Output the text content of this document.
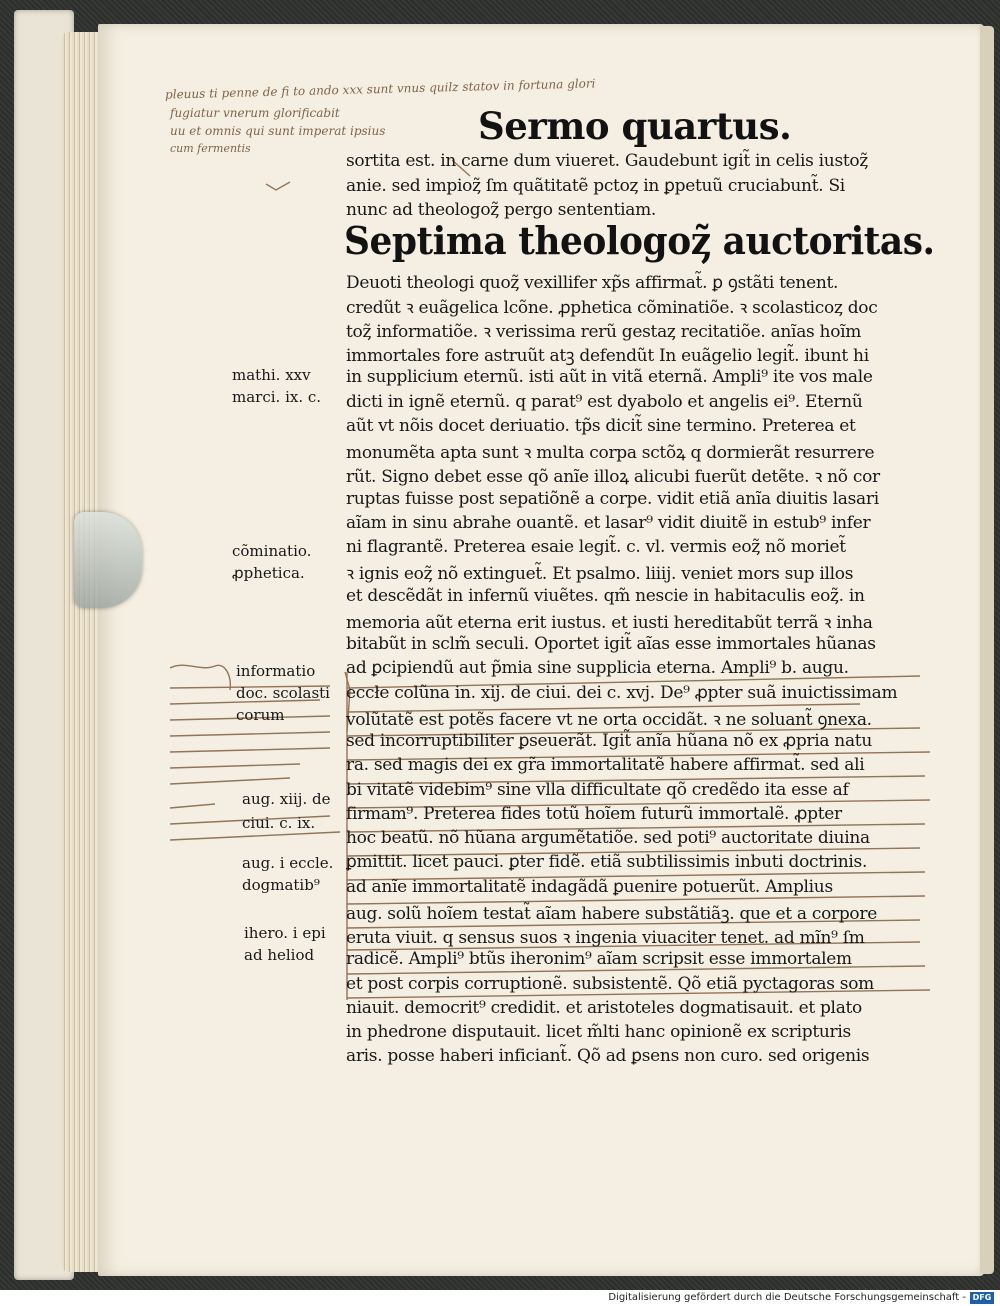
pleuus ti penne de fi to ando xxx sunt vnus quilz statov in fortuna glori
fugiatur vnerum glorificabit
uu et omnis qui sunt imperat ipsius
cum fermentis
Sermo quartus.
Septima theologoȥ̃ auctoritas.
sortita est. in carne dum viueret. Gaudebunt igit̃ in celis iustoȥ̃
anie. sed impioȥ̃ ſm quãtitatẽ pctoȥ in ꝑpetuũ cruciabunt̃. Si
nunc ad theologoȥ̃ pergo sententiam.
Deuoti theologi quoȥ̃ vexillifer xp̃s affirmat̃. ꝑ ꝯstãti tenent.
credũt ꝛ euãgelica lcõne. ꝓphetica cõminatiõe. ꝛ scolasticoȥ doc
toȥ̃ informatiõe. ꝛ verissima rerũ gestaȥ recitatiõe. anĩas hoĩm
immortales fore astruũt atꝫ defendũt In euãgelio legit̃. ibunt hi
in supplicium eternũ. isti aũt in vitã eternã. Ampli⁹ ite vos male
dicti in ignẽ eternũ. q parat⁹ est dyabolo et angelis ei⁹. Eternũ
aũt vt nõis docet deriuatio. tp̃s dicit̃ sine termino. Preterea et
monumẽta apta sunt ꝛ multa corpa sctõꝝ q dormierãt resurrere
rũt. Signo debet esse qõ anĩe illoꝝ alicubi fuerũt detẽte. ꝛ nõ cor
ruptas fuisse post sepatiõnẽ a corpe. vidit etiã anĩa diuitis lasari
aĩam in sinu abrahe ouantẽ. et lasar⁹ vidit diuitẽ in estub⁹ infer
ni flagrantẽ. Preterea esaie legit̃. c. vl. vermis eoȥ̃ nõ moriet̃
ꝛ ignis eoȥ̃ nõ extinguet̃. Et psalmo. liiij. veniet mors sup illos
et descẽdãt in infernũ viuẽtes. qm̃ nescie in habitaculis eoȥ̃. in
memoria aũt eterna erit iustus. et iusti hereditabũt terrã ꝛ inha
bitabũt in sclm̃ seculi. Oportet igit̃ aĩas esse immortales hũanas
ad ꝑcipiendũ aut p̃mia sine supplicia eterna. Ampli⁹ b. augu.
eccłe colũna in. xij. de ciui. dei c. xvj. De⁹ ꝓpter suã inuictissimam
volũtatẽ est potẽs facere vt ne orta occidãt. ꝛ ne soluant̃ ꝯnexa.
sed incorruptibiliter ꝑseuerãt. Igit̃ anĩa hũana nõ ex ꝓpria natu
ra. sed magis dei ex gr̃a immortalitatẽ habere affirmat̃. sed ali
bi vitatẽ videbim⁹ sine vlla difficultate qõ credẽdo ita esse af
firmam⁹. Preterea fides totũ hoĩem futurũ immortalẽ. ꝓpter
hoc beatũ. nõ hũana argumẽtatiõe. sed poti⁹ auctoritate diuina
ꝑmittit. licet pauci. ꝑter fidẽ. etiã subtilissimis inbuti doctrinis.
ad anĩe immortalitatẽ indagãdã ꝑuenire potuerũt. Amplius
aug. solũ hoĩem testat̃ aĩam habere substãtiãꝫ. que et a corpore
eruta viuit. q sensus suos ꝛ ingenia viuaciter tenet. ad mĩn⁹ ſm
radicẽ. Ampli⁹ btũs iheronim⁹ aĩam scripsit esse immortalem
et post corpis corruptionẽ. subsistentẽ. Qõ etiã pyctagoras som
niauit. democrit⁹ credidit. et aristoteles dogmatisauit. et plato
in phedrone disputauit. licet m̃lti hanc opinionẽ ex scripturis
aris. posse haberi inficiant̃. Qõ ad ꝑsens non curo. sed origenis
mathi. xxv
marci. ix. c.
cõminatio.
ꝓphetica.
informatio
doc. scolasti
corum
aug. xiij. de
ciui. c. ix.
aug. i eccle.
dogmatib⁹
ihero. i epi
ad heliod
Digitalisierung gefördert durch die Deutsche Forschungsgemeinschaft - DFG
